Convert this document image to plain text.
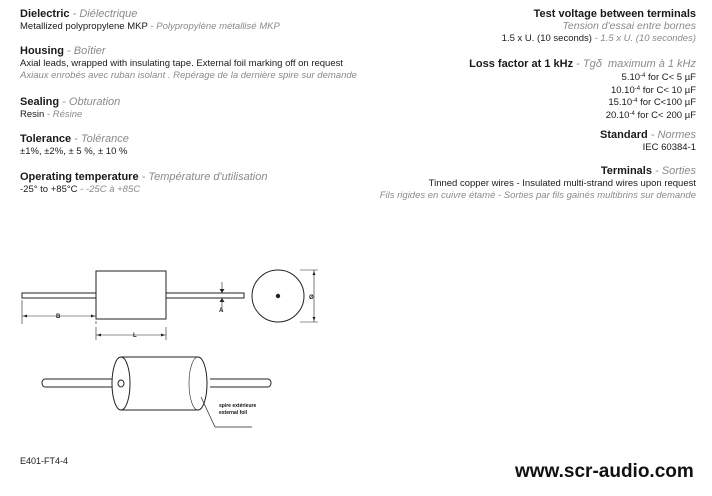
Dielectric - Diélectrique
Metallized polypropylene MKP - Polypropylène métallisé MKP
Housing - Boîtier
Axial leads, wrapped with insulating tape. External foil marking off on request
Axiaux enrobés avec ruban isolant . Repérage de la dernière spire sur demande
Sealing - Obturation
Resin - Résine
Tolerance - Tolérance
±1%, ±2%, ± 5 %, ± 10 %
Operating temperature - Température d'utilisation
-25° to +85°C - -25C à +85C
Test voltage between terminals
Tension d'essai entre bornes
1.5 x U. (10 seconds) - 1.5 x U. (10 secondes)
Loss factor at 1 kHz - Tgδ maximum à 1 kHz
$5.10^{-4}$ for C< 5 µF
$10.10^{-4}$ for C< 10 µF
$15.10^{-4}$ for C<100 µF
$20.10^{-4}$ for C< 200 µF
Standard - Normes
IEC 60384-1
Terminals - Sorties
Tinned copper wires - Insulated multi-strand wires upon request
Fils rigides en cuivre étamé - Sorties par fils gainés multibrins sur demande
B
L
A
Ø
spire extérieure
external foil
E401-FT4-4	www.scr-audio.com
